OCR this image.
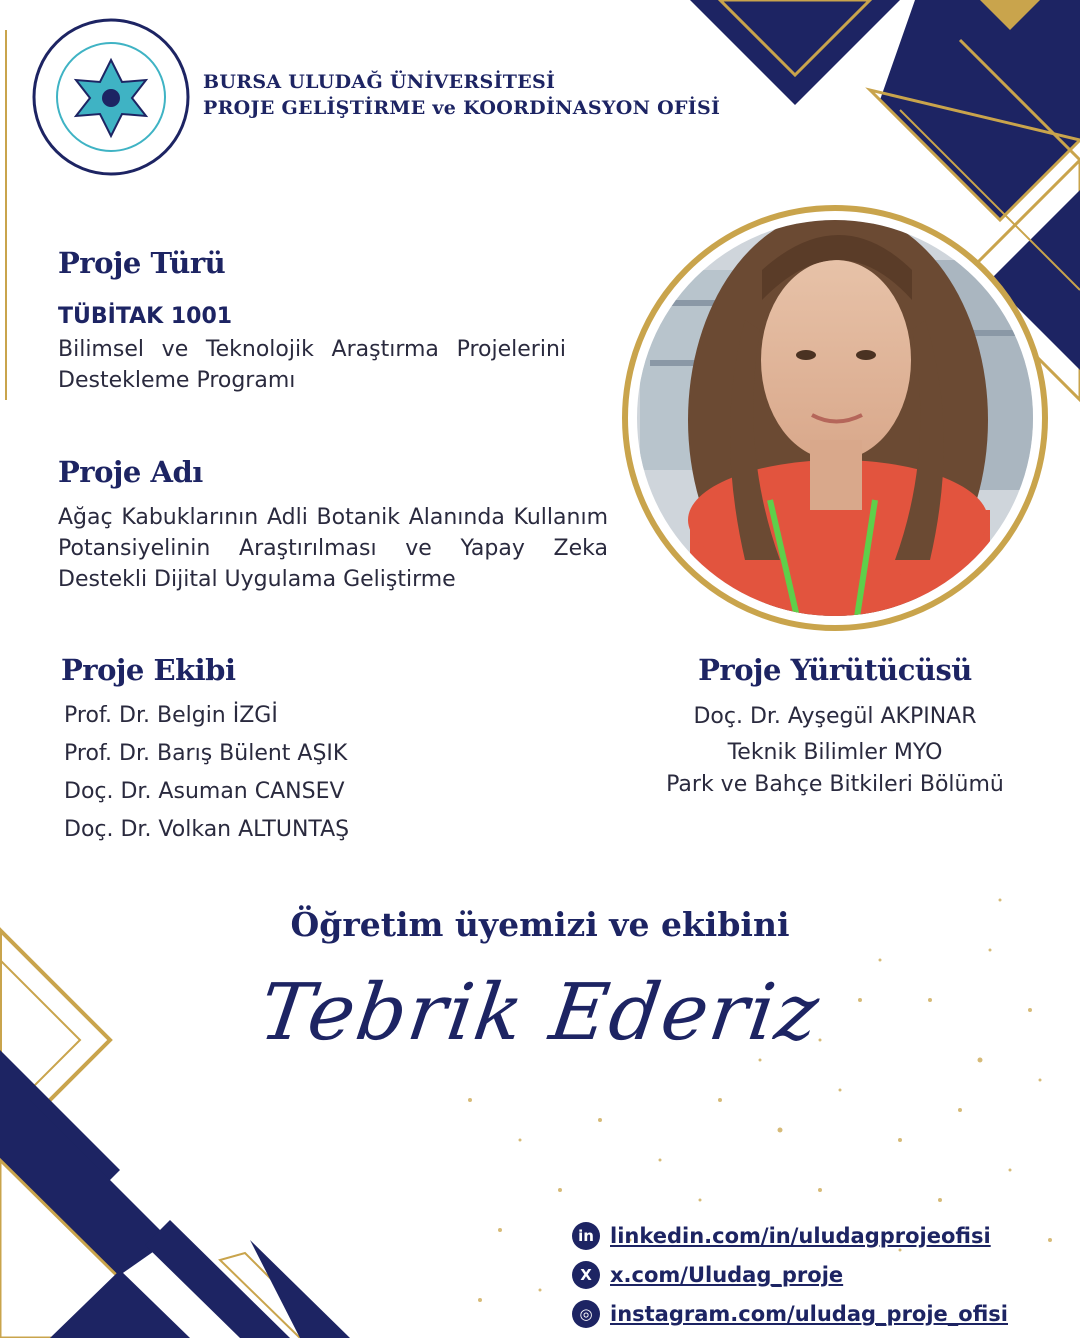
BURSA ULUDAĞ ÜNİVERSİTESİ
PROJE GELİŞTİRME ve KOORDİNASYON OFİSİ
Proje Türü
TÜBİTAK 1001
Bilimsel ve Teknolojik Araştırma Projelerini Destekleme Programı
Proje Adı
Ağaç Kabuklarının Adli Botanik Alanında Kullanım Potansiyelinin Araştırılması ve Yapay Zeka Destekli Dijital Uygulama Geliştirme
Proje Ekibi
Prof. Dr. Belgin İZGİ
Prof. Dr. Barış Bülent AŞIK
Doç. Dr. Asuman CANSEV
Doç. Dr. Volkan ALTUNTAŞ
Proje Yürütücüsü
Doç. Dr. Ayşegül AKPINAR
Teknik Bilimler MYO
Park ve Bahçe Bitkileri Bölümü
Öğretim üyemizi ve ekibini
Tebrik Ederiz
in linkedin.com/in/uludagprojeofisi
X x.com/Uludag_proje
◎ instagram.com/uludag_proje_ofisi
